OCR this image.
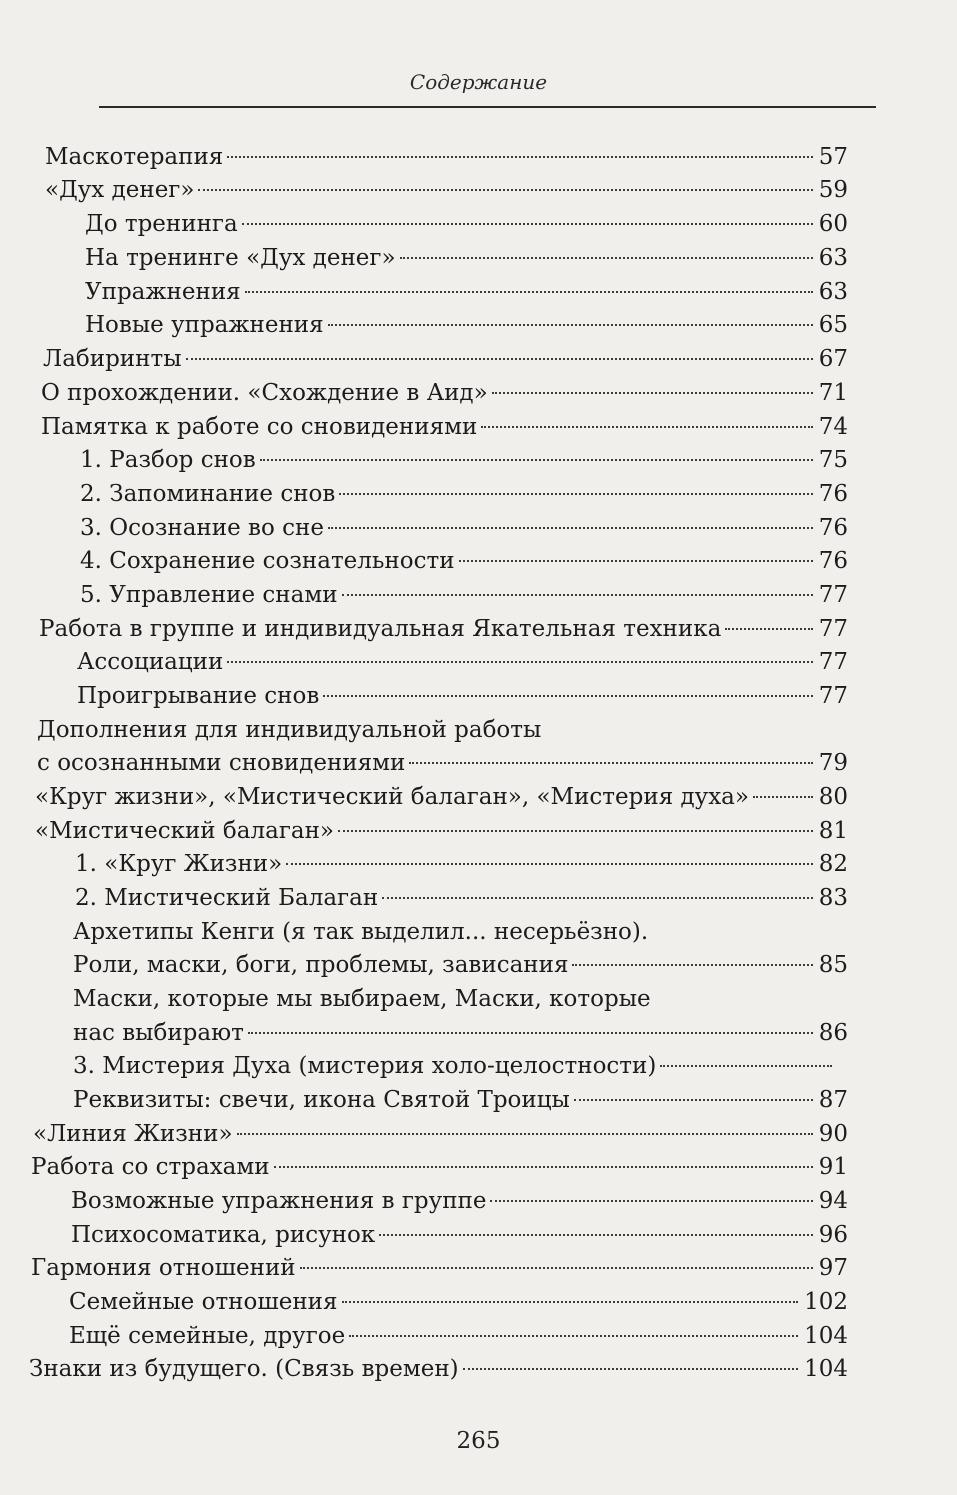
Содержание
Маскотерапия	57
«Дух денег»	59
До тренинга	60
На тренинге «Дух денег»	63
Упражнения	63
Новые упражнения	65
Лабиринты	67
О прохождении. «Схождение в Аид»	71
Памятка к работе со сновидениями	74
1. Разбор снов	75
2. Запоминание снов	76
3. Осознание во сне	76
4. Сохранение сознательности	76
5. Управление снами	77
Работа в группе и индивидуальная Якательная техника	77
Ассоциации	77
Проигрывание снов	77
Дополнения для индивидуальной работы
с осознанными сновидениями	79
«Круг жизни», «Мистический балаган», «Мистерия духа»	80
«Мистический балаган»	81
1. «Круг Жизни»	82
2. Мистический Балаган	83
Архетипы Кенги (я так выделил... несерьёзно).
Роли, маски, боги, проблемы, зависания	85
Маски, которые мы выбираем, Маски, которые
нас выбирают	86
3. Мистерия Духа (мистерия холо-целостности)
Реквизиты: свечи, икона Святой Троицы	87
«Линия Жизни»	90
Работа со страхами	91
Возможные упражнения в группе	94
Психосоматика, рисунок	96
Гармония отношений	97
Семейные отношения	102
Ещё семейные, другое	104
Знаки из будущего. (Связь времен)	104
265
